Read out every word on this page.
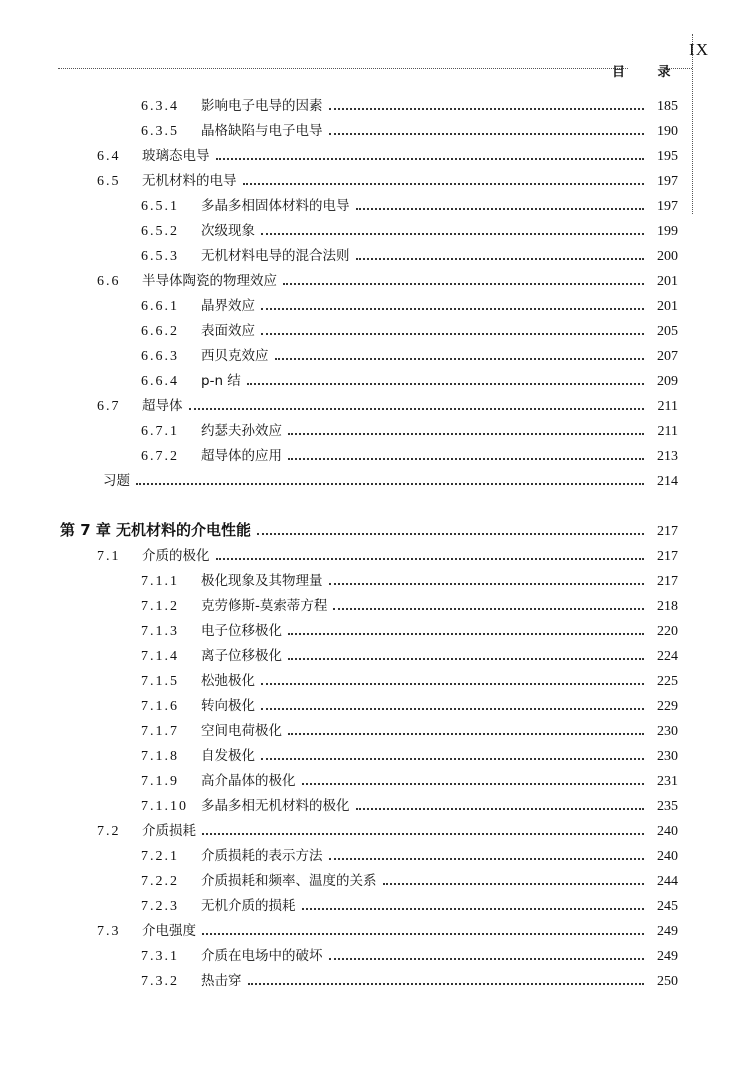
目 录
IX
6.3.4	影响电子电导的因素	185
6.3.5	晶格缺陷与电子电导	190
6.4	玻璃态电导	195
6.5	无机材料的电导	197
6.5.1	多晶多相固体材料的电导	197
6.5.2	次级现象	199
6.5.3	无机材料电导的混合法则	200
6.6	半导体陶瓷的物理效应	201
6.6.1	晶界效应	201
6.6.2	表面效应	205
6.6.3	西贝克效应	207
6.6.4	p-n 结	209
6.7	超导体	211
6.7.1	约瑟夫孙效应	211
6.7.2	超导体的应用	213
习题	214
第 7 章 无机材料的介电性能	217
7.1	介质的极化	217
7.1.1	极化现象及其物理量	217
7.1.2	克劳修斯-莫索蒂方程	218
7.1.3	电子位移极化	220
7.1.4	离子位移极化	224
7.1.5	松弛极化	225
7.1.6	转向极化	229
7.1.7	空间电荷极化	230
7.1.8	自发极化	230
7.1.9	高介晶体的极化	231
7.1.10 多晶多相无机材料的极化	235
7.2	介质损耗	240
7.2.1	介质损耗的表示方法	240
7.2.2	介质损耗和频率、温度的关系	244
7.2.3	无机介质的损耗	245
7.3	介电强度	249
7.3.1	介质在电场中的破坏	249
7.3.2	热击穿	250
